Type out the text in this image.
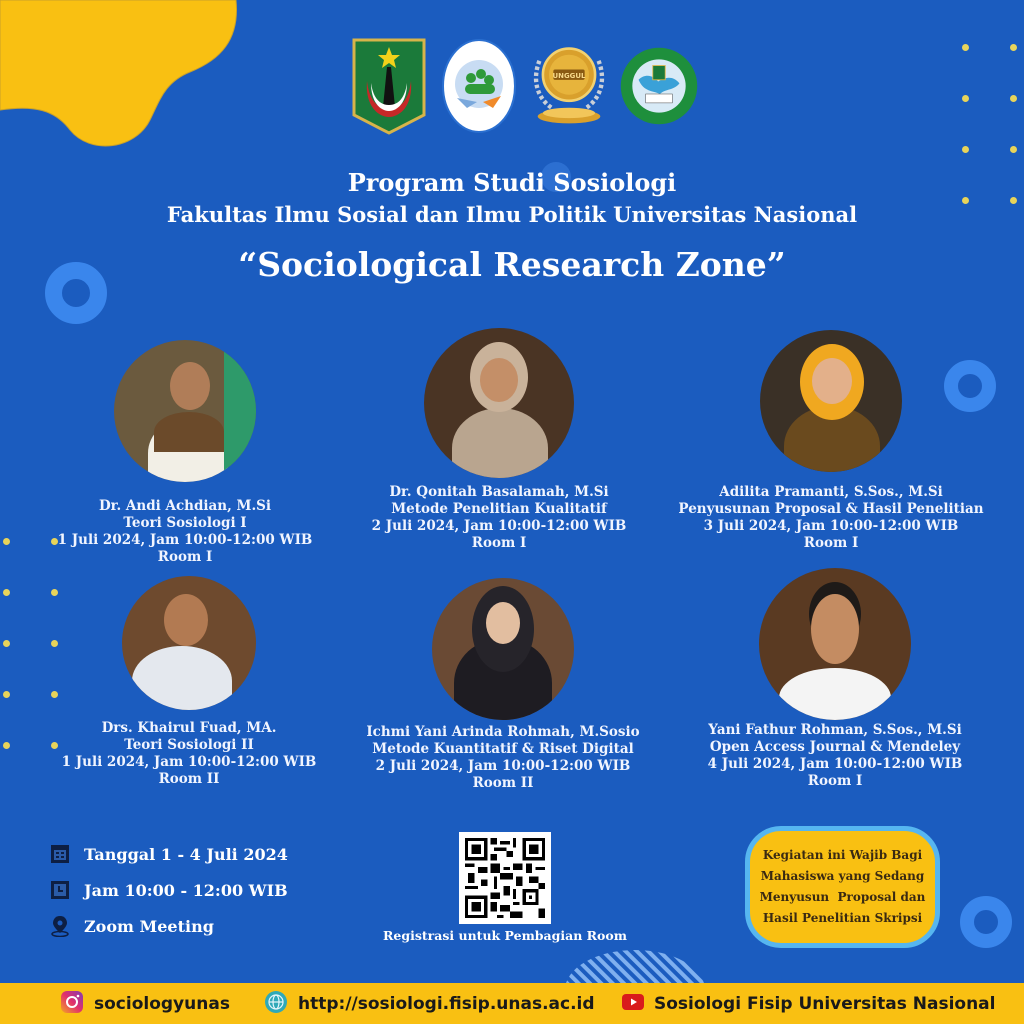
UNGGUL
Program Studi Sosiologi
Fakultas Ilmu Sosial dan Ilmu Politik Universitas Nasional
“Sociological Research Zone”
Dr. Andi Achdian, M.Si
Teori Sosiologi I
1 Juli 2024, Jam 10:00-12:00 WIB
Room I
Dr. Qonitah Basalamah, M.Si
Metode Penelitian Kualitatif
2 Juli 2024, Jam 10:00-12:00 WIB
Room I
Adilita Pramanti, S.Sos., M.Si
Penyusunan Proposal & Hasil Penelitian
3 Juli 2024, Jam 10:00-12:00 WIB
Room I
Drs. Khairul Fuad, MA.
Teori Sosiologi II
1 Juli 2024, Jam 10:00-12:00 WIB
Room II
Ichmi Yani Arinda Rohmah, M.Sosio
Metode Kuantitatif & Riset Digital
2 Juli 2024, Jam 10:00-12:00 WIB
Room II
Yani Fathur Rohman, S.Sos., M.Si
Open Access Journal & Mendeley
4 Juli 2024, Jam 10:00-12:00 WIB
Room I
Tanggal 1 - 4 Juli 2024
Jam 10:00 - 12:00 WIB
Zoom Meeting	Registrasi untuk Pembagian Room
Kegiatan ini Wajib Bagi
Mahasiswa yang Sedang
Menyusun  Proposal dan
Hasil Penelitian Skripsi
sociologyunas	http://sosiologi.fisip.unas.ac.id	Sosiologi Fisip Universitas Nasional
